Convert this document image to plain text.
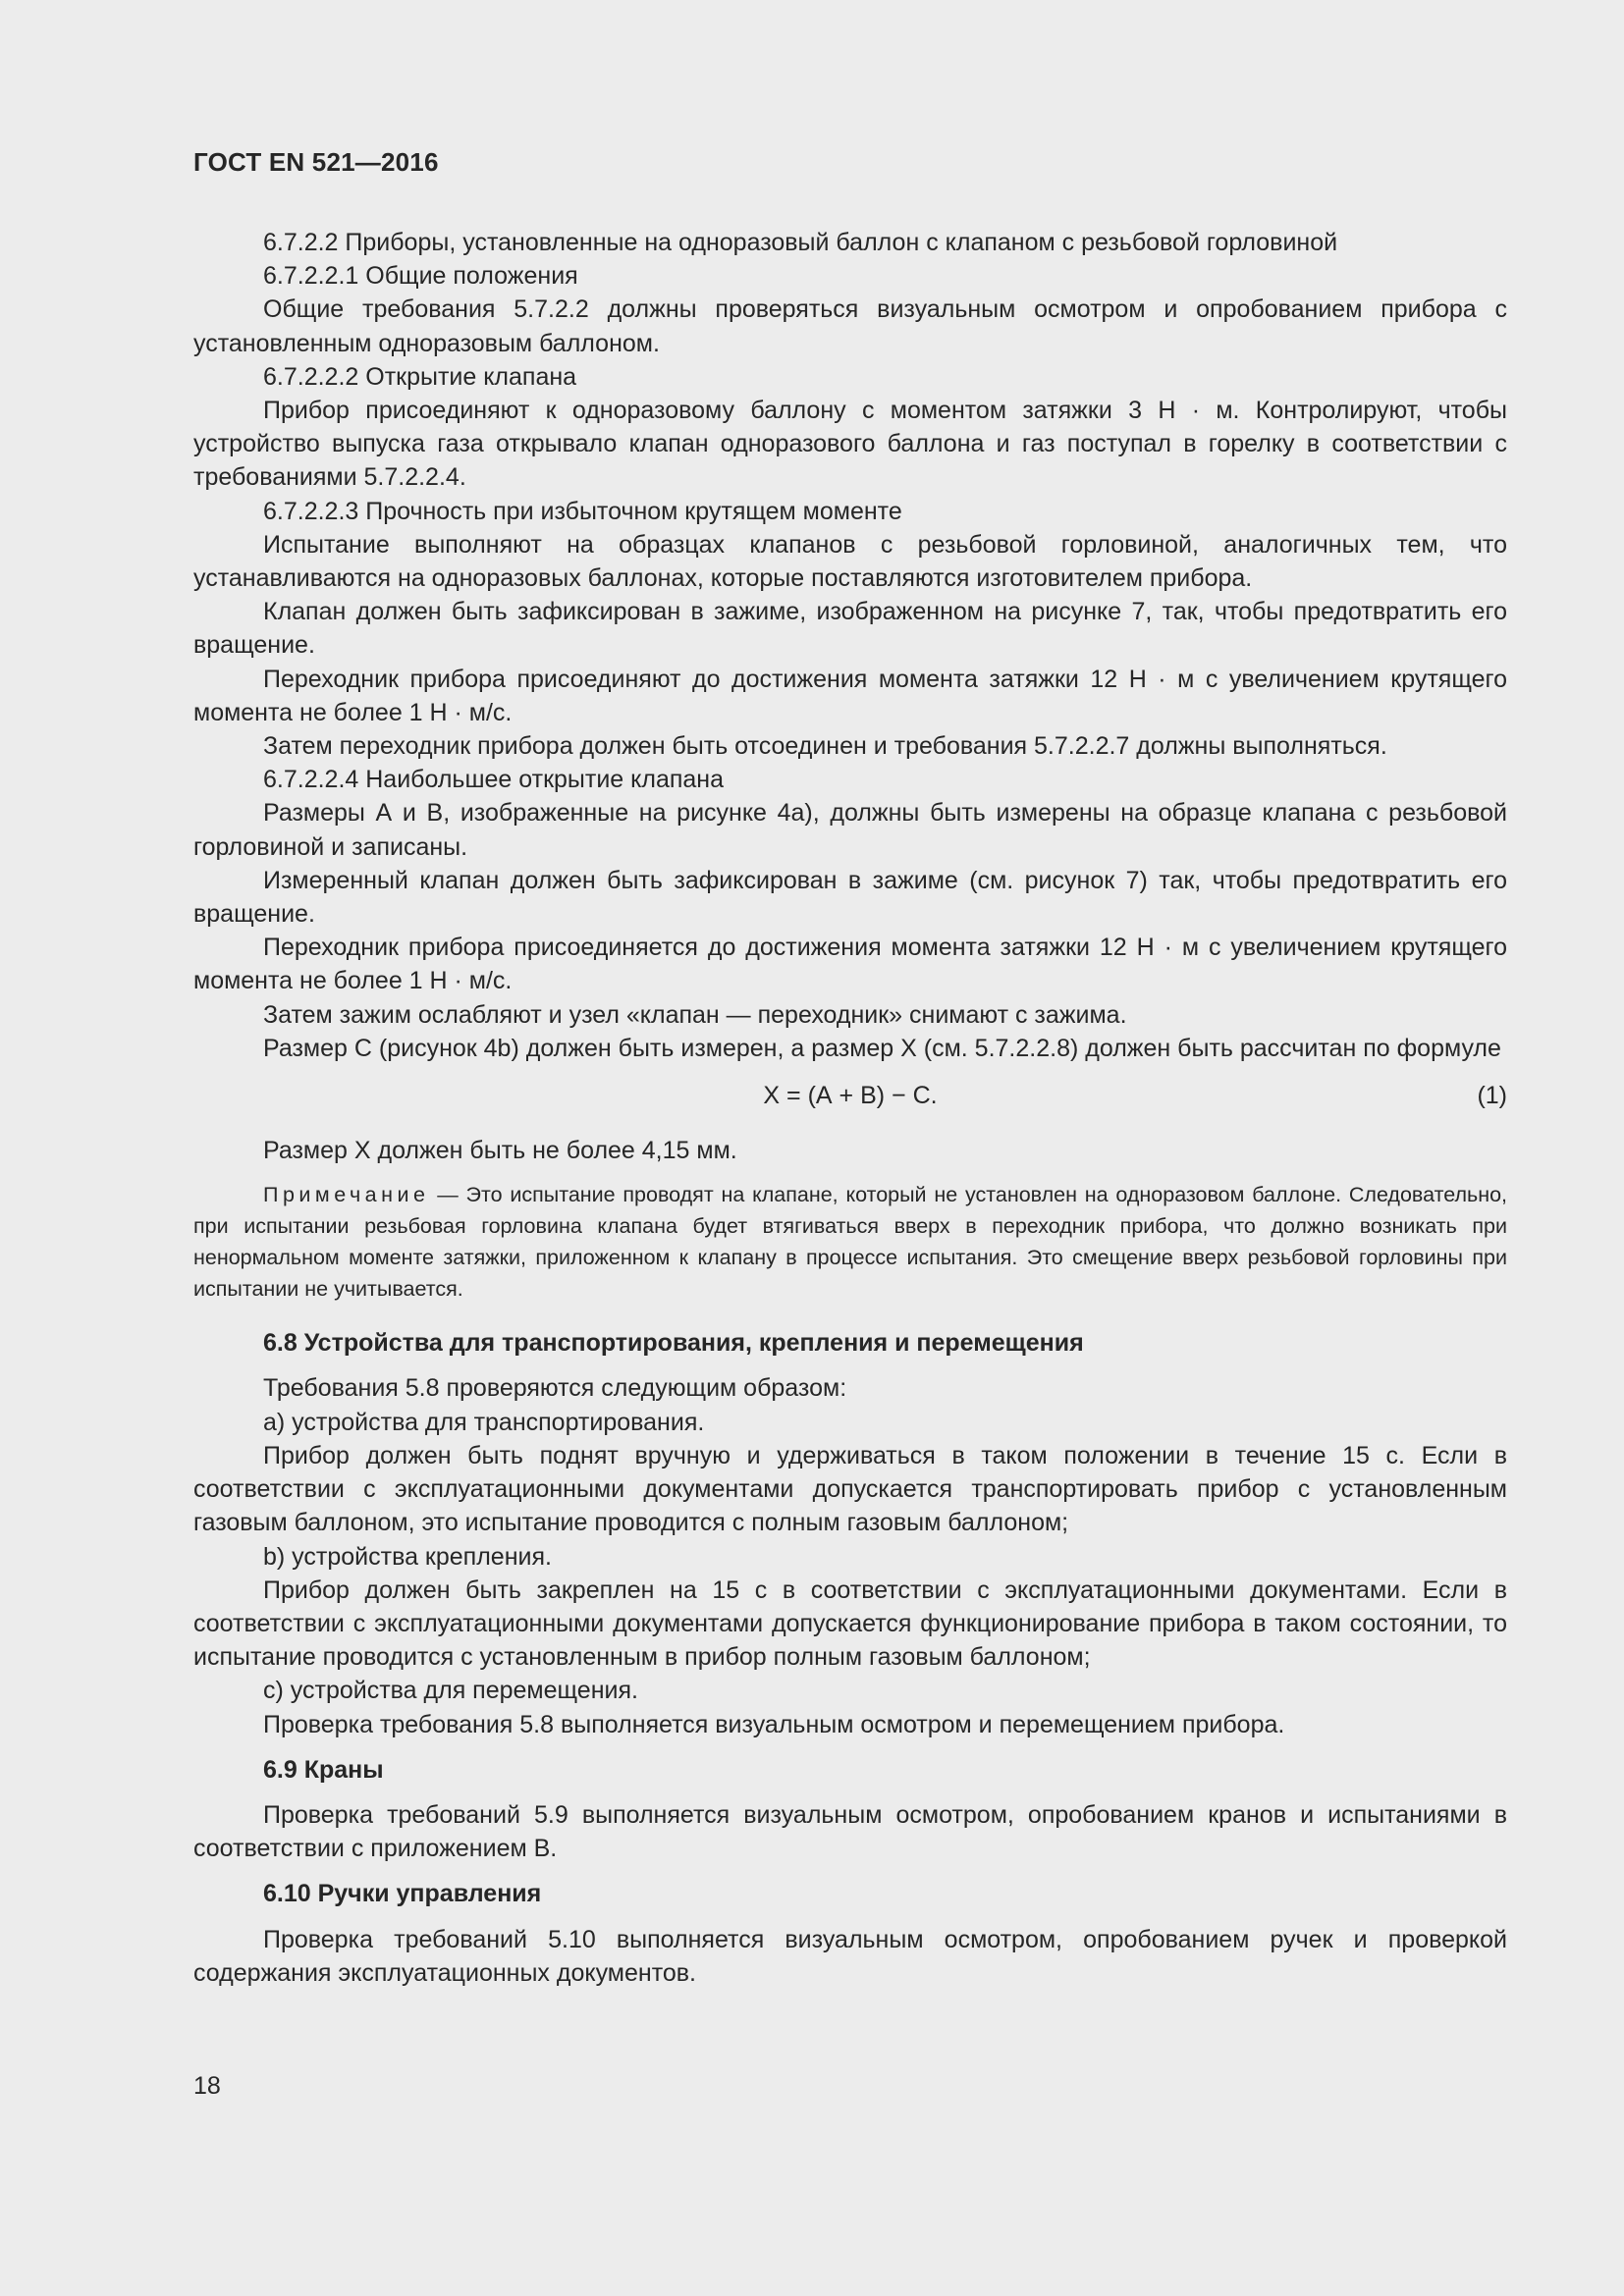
ГОСТ EN 521—2016

6.7.2.2 Приборы, установленные на одноразовый баллон с клапаном с резьбовой горловиной

6.7.2.2.1 Общие положения

Общие требования 5.7.2.2 должны проверяться визуальным осмотром и опробованием прибора с установленным одноразовым баллоном.

6.7.2.2.2 Открытие клапана

Прибор присоединяют к одноразовому баллону с моментом затяжки 3 Н · м. Контролируют, чтобы устройство выпуска газа открывало клапан одноразового баллона и газ поступал в горелку в соответствии с требованиями 5.7.2.2.4.

6.7.2.2.3 Прочность при избыточном крутящем моменте

Испытание выполняют на образцах клапанов с резьбовой горловиной, аналогичных тем, что устанавливаются на одноразовых баллонах, которые поставляются изготовителем прибора.

Клапан должен быть зафиксирован в зажиме, изображенном на рисунке 7, так, чтобы предотвратить его вращение.

Переходник прибора присоединяют до достижения момента затяжки 12 Н · м с увеличением крутящего момента не более 1 Н · м/с.

Затем переходник прибора должен быть отсоединен и требования 5.7.2.2.7 должны выполняться.

6.7.2.2.4 Наибольшее открытие клапана

Размеры А и В, изображенные на рисунке 4а), должны быть измерены на образце клапана с резьбовой горловиной и записаны.

Измеренный клапан должен быть зафиксирован в зажиме (см. рисунок 7) так, чтобы предотвратить его вращение.

Переходник прибора присоединяется до достижения момента затяжки 12 Н · м с увеличением крутящего момента не более 1 Н · м/с.

Затем зажим ослабляют и узел «клапан — переходник» снимают с зажима.

Размер С (рисунок 4b) должен быть измерен, а размер X (см. 5.7.2.2.8) должен быть рассчитан по формуле

X = (А + В) − С.	(1)

Размер X должен быть не более 4,15 мм.

Примечание — Это испытание проводят на клапане, который не установлен на одноразовом баллоне. Следовательно, при испытании резьбовая горловина клапана будет втягиваться вверх в переходник прибора, что должно возникать при ненормальном моменте затяжки, приложенном к клапану в процессе испытания. Это смещение вверх резьбовой горловины при испытании не учитывается.

6.8 Устройства для транспортирования, крепления и перемещения

Требования 5.8 проверяются следующим образом:

a) устройства для транспортирования.

Прибор должен быть поднят вручную и удерживаться в таком положении в течение 15 с. Если в соответствии с эксплуатационными документами допускается транспортировать прибор с установленным газовым баллоном, это испытание проводится с полным газовым баллоном;

b) устройства крепления.

Прибор должен быть закреплен на 15 с в соответствии с эксплуатационными документами. Если в соответствии с эксплуатационными документами допускается функционирование прибора в таком состоянии, то испытание проводится с установленным в прибор полным газовым баллоном;

c) устройства для перемещения.

Проверка требования 5.8 выполняется визуальным осмотром и перемещением прибора.

6.9 Краны

Проверка требований 5.9 выполняется визуальным осмотром, опробованием кранов и испытаниями в соответствии с приложением В.

6.10 Ручки управления

Проверка требований 5.10 выполняется визуальным осмотром, опробованием ручек и проверкой содержания эксплуатационных документов.

18
